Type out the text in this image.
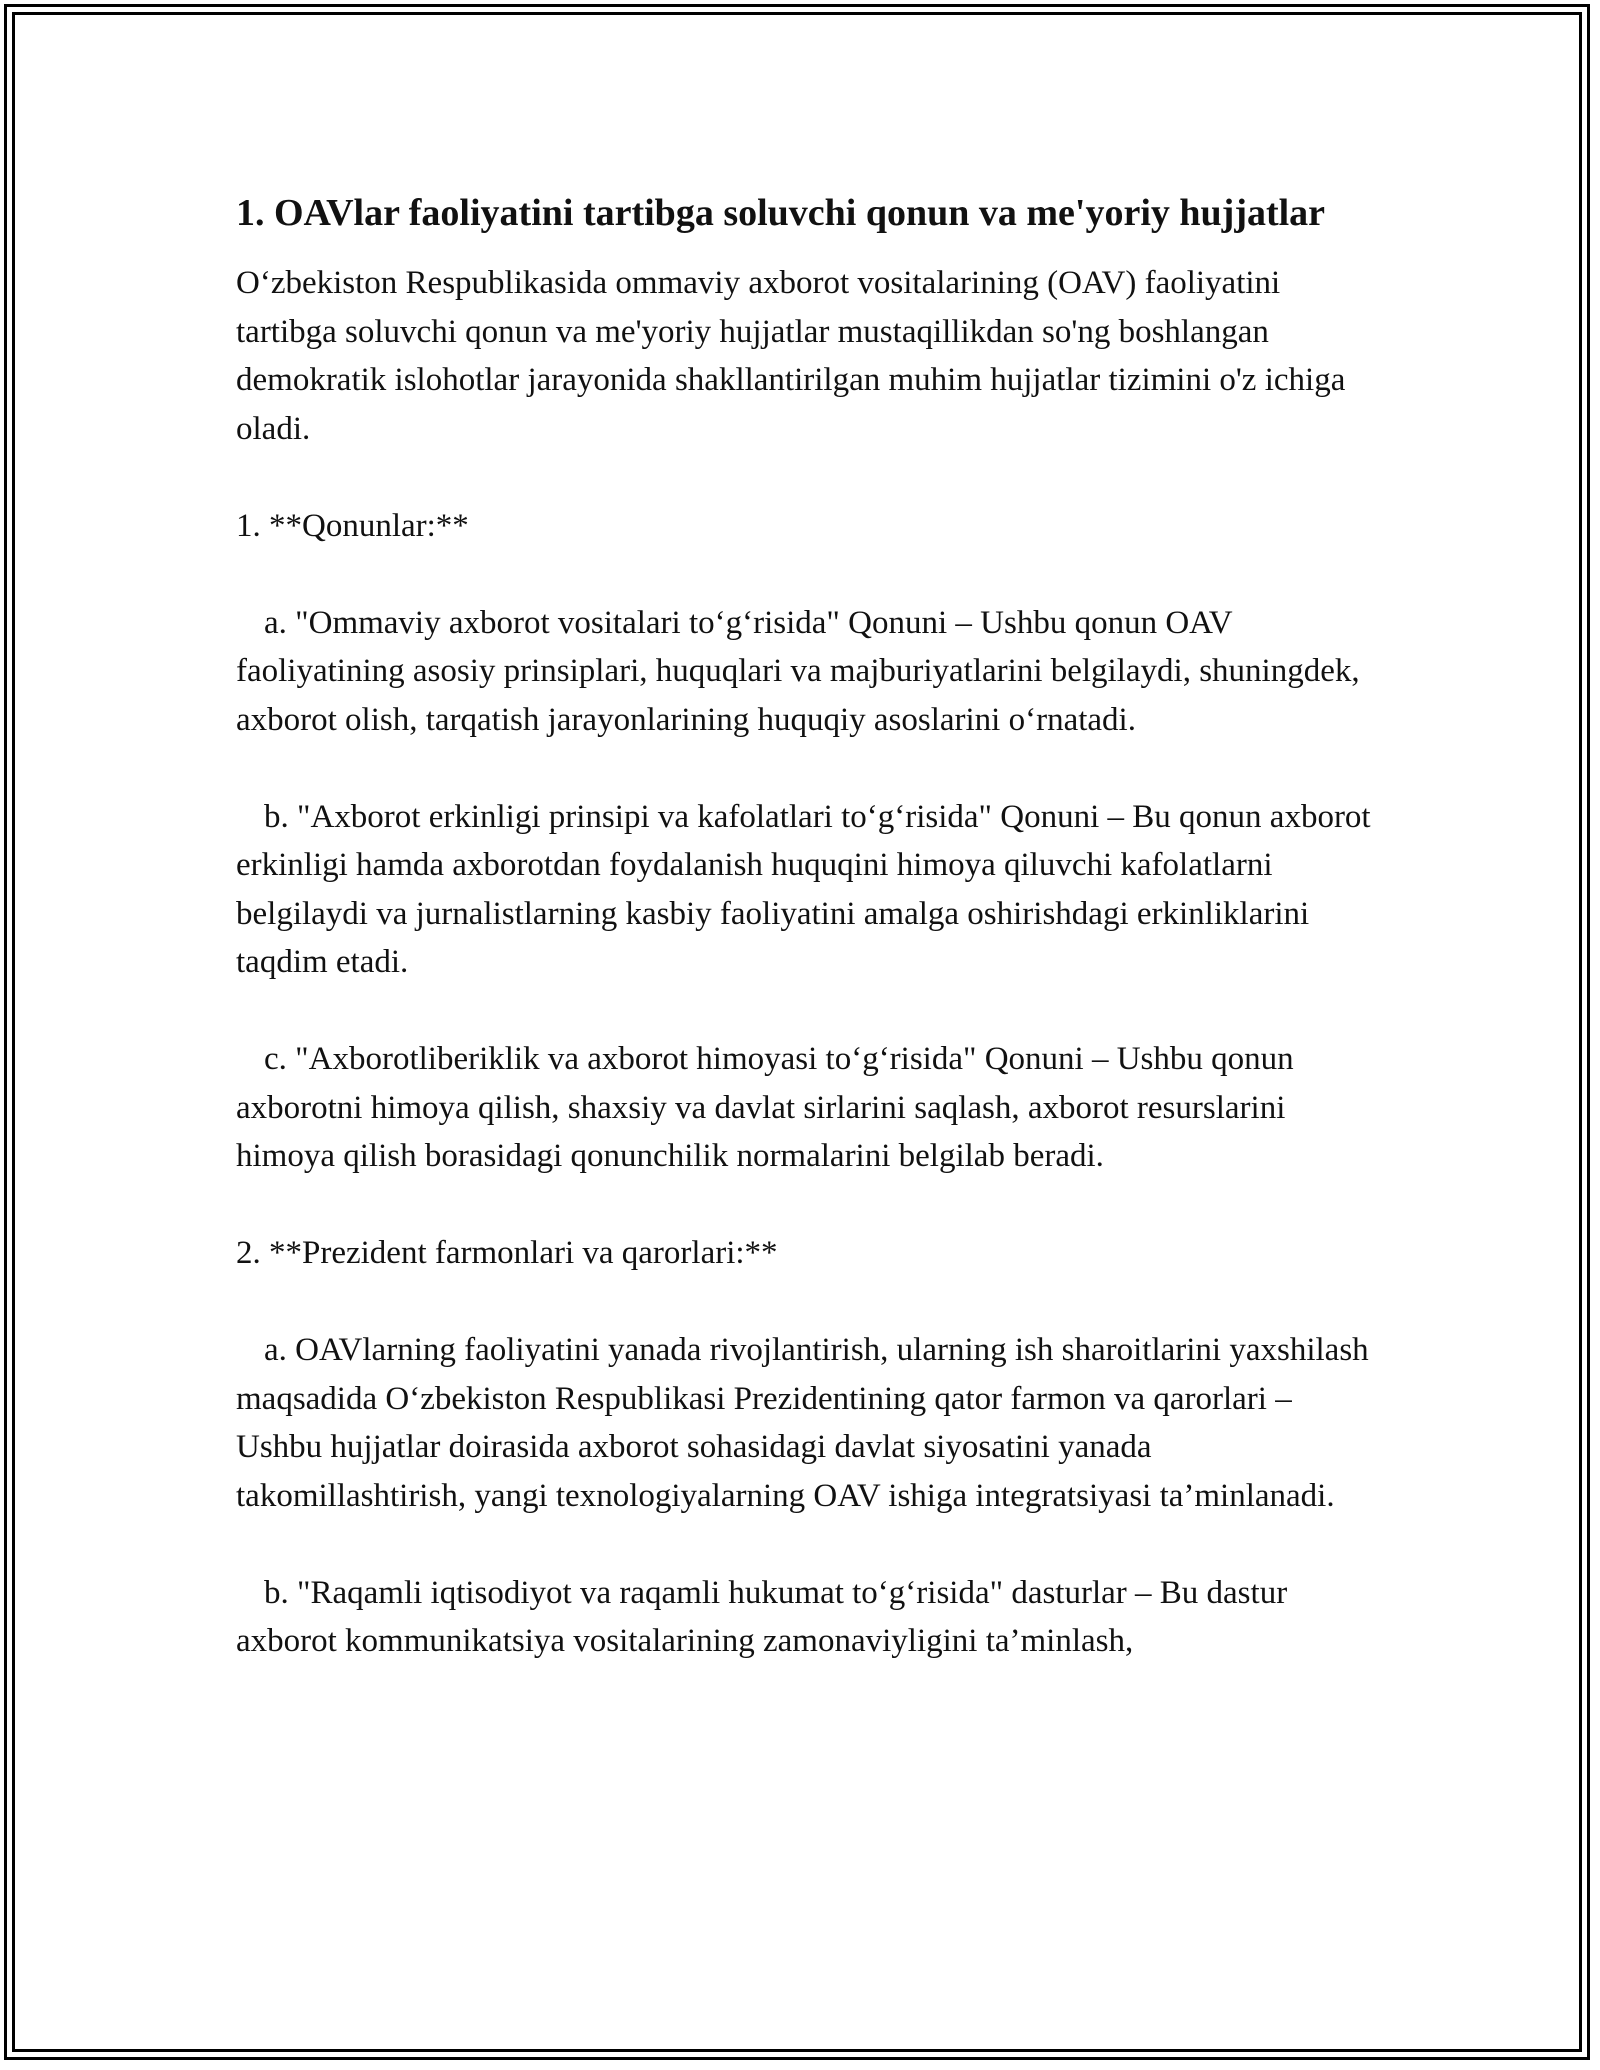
1. OAVlar faoliyatini tartibga soluvchi qonun va me'yoriy hujjatlar

O‘zbekiston Respublikasida ommaviy axborot vositalarining (OAV) faoliyatini tartibga soluvchi qonun va me'yoriy hujjatlar mustaqillikdan so'ng boshlangan demokratik islohotlar jarayonida shakllantirilgan muhim hujjatlar tizimini o'z ichiga oladi.

1. **Qonunlar:**

a. "Ommaviy axborot vositalari to‘g‘risida" Qonuni – Ushbu qonun OAV faoliyatining asosiy prinsiplari, huquqlari va majburiyatlarini belgilaydi, shuningdek, axborot olish, tarqatish jarayonlarining huquqiy asoslarini o‘rnatadi.

b. "Axborot erkinligi prinsipi va kafolatlari to‘g‘risida" Qonuni – Bu qonun axborot erkinligi hamda axborotdan foydalanish huquqini himoya qiluvchi kafolatlarni belgilaydi va jurnalistlarning kasbiy faoliyatini amalga oshirishdagi erkinliklarini taqdim etadi.

c. "Axborotliberiklik va axborot himoyasi to‘g‘risida" Qonuni – Ushbu qonun axborotni himoya qilish, shaxsiy va davlat sirlarini saqlash, axborot resurslarini himoya qilish borasidagi qonunchilik normalarini belgilab beradi.

2. **Prezident farmonlari va qarorlari:**

a. OAVlarning faoliyatini yanada rivojlantirish, ularning ish sharoitlarini yaxshilash maqsadida O‘zbekiston Respublikasi Prezidentining qator farmon va qarorlari – Ushbu hujjatlar doirasida axborot sohasidagi davlat siyosatini yanada takomillashtirish, yangi texnologiyalarning OAV ishiga integratsiyasi ta’minlanadi.

b. "Raqamli iqtisodiyot va raqamli hukumat to‘g‘risida" dasturlar – Bu dastur axborot kommunikatsiya vositalarining zamonaviyligini ta’minlash,
